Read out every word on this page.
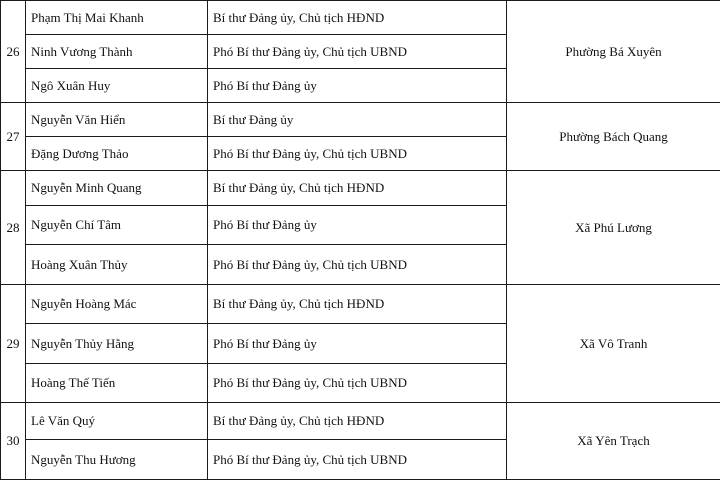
26	Phạm Thị Mai Khanh	Bí thư Đảng ủy, Chủ tịch HĐND	Phường Bá Xuyên
	Ninh Vương Thành	Phó Bí thư Đảng ủy, Chủ tịch UBND	
	Ngô Xuân Huy	Phó Bí thư Đảng ủy	
27	Nguyễn Văn Hiển	Bí thư Đảng ủy	Phường Bách Quang
	Đặng Dương Thảo	Phó Bí thư Đảng ủy, Chủ tịch UBND	
28	Nguyễn Minh Quang	Bí thư Đảng ủy, Chủ tịch HĐND	Xã Phú Lương
	Nguyễn Chí Tâm	Phó Bí thư Đảng ủy	
	Hoàng Xuân Thủy	Phó Bí thư Đảng ủy, Chủ tịch UBND	
29	Nguyễn Hoàng Mác	Bí thư Đảng ủy, Chủ tịch HĐND	Xã Vô Tranh
	Nguyễn Thủy Hằng	Phó Bí thư Đảng ủy	
	Hoàng Thế Tiến	Phó Bí thư Đảng ủy, Chủ tịch UBND	
30	Lê Văn Quý	Bí thư Đảng ủy, Chủ tịch HĐND	Xã Yên Trạch
	Nguyễn Thu Hương	Phó Bí thư Đảng ủy, Chủ tịch UBND	
